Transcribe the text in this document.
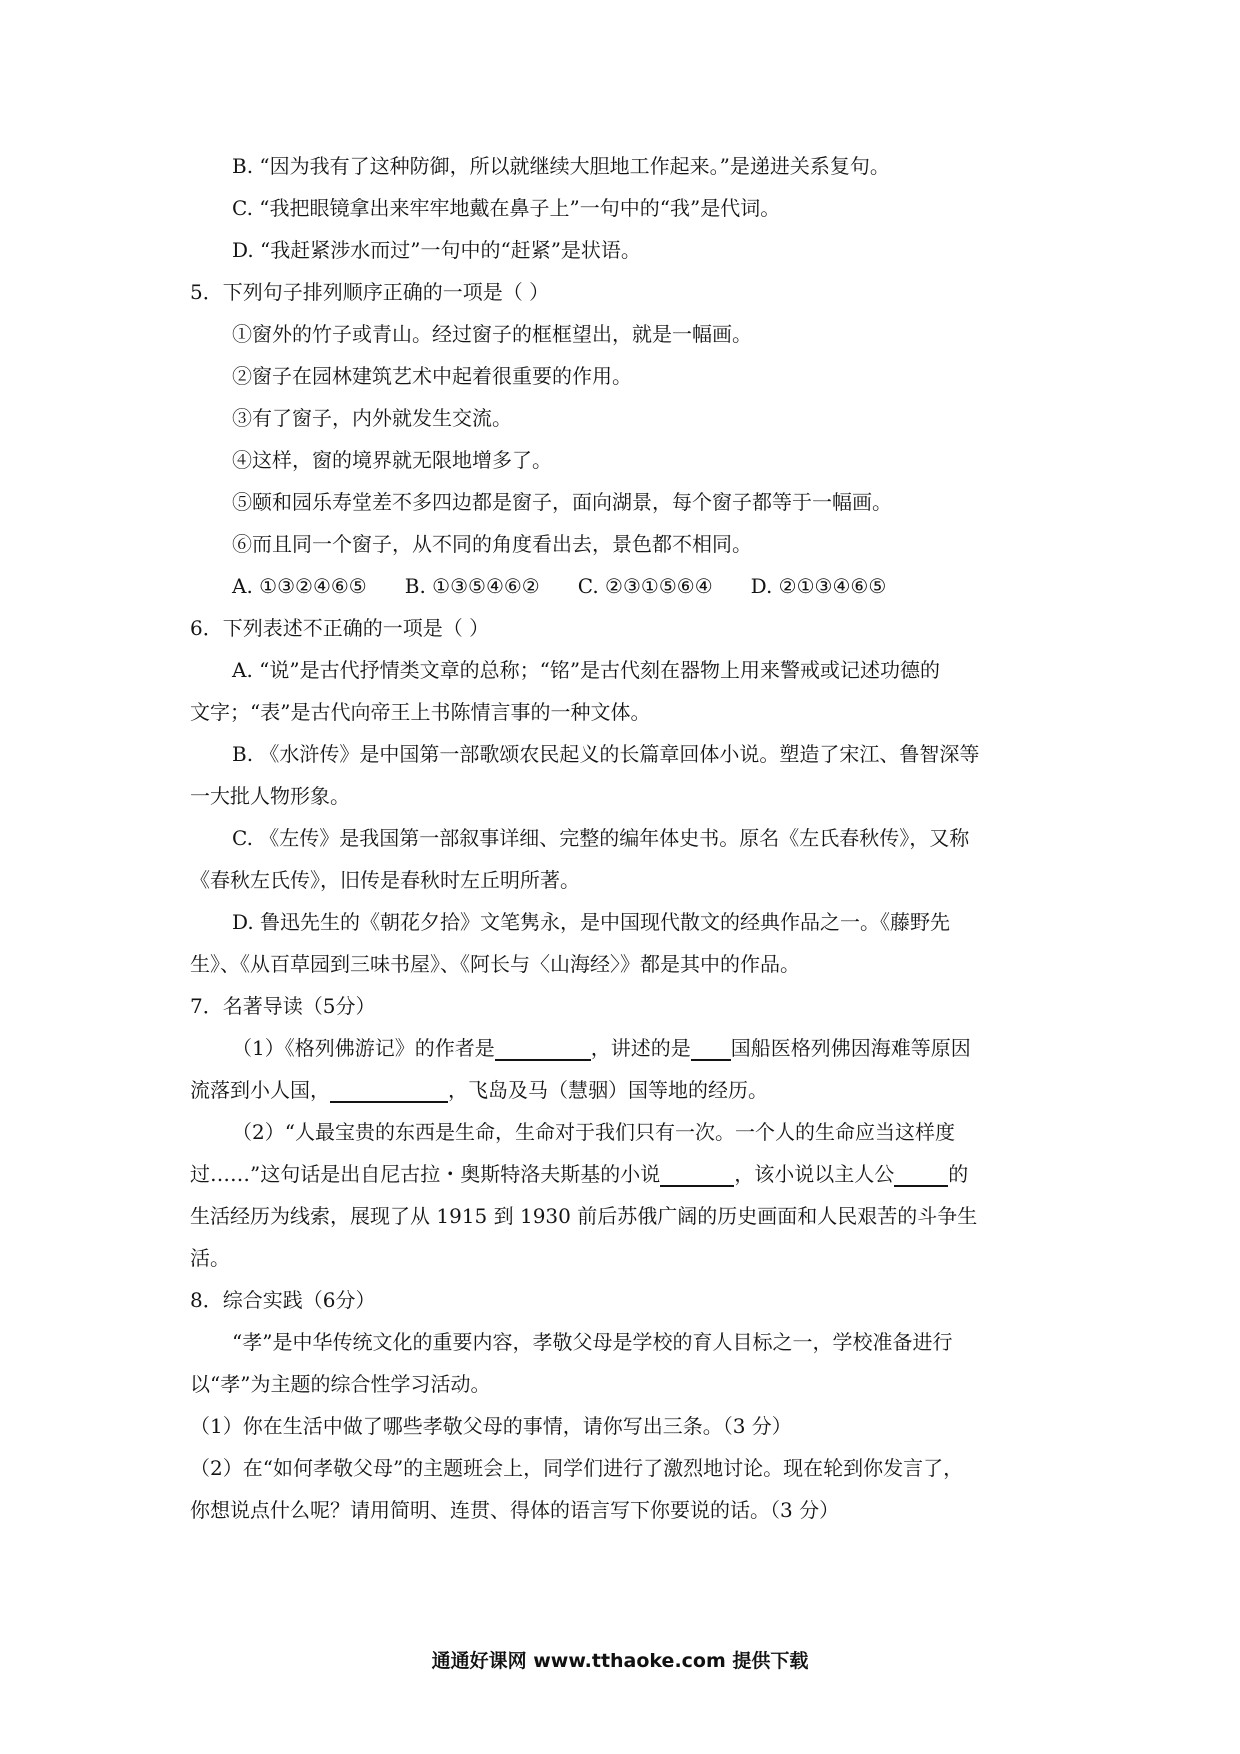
B. “因为我有了这种防御，所以就继续大胆地工作起来。”是递进关系复句。
C. “我把眼镜拿出来牢牢地戴在鼻子上”一句中的“我”是代词。
D. “我赶紧涉水而过”一句中的“赶紧”是状语。
5．下列句子排列顺序正确的一项是（ ）
①窗外的竹子或青山。经过窗子的框框望出，就是一幅画。
②窗子在园林建筑艺术中起着很重要的作用。
③有了窗子，内外就发生交流。
④这样，窗的境界就无限地增多了。
⑤颐和园乐寿堂差不多四边都是窗子，面向湖景，每个窗子都等于一幅画。
⑥而且同一个窗子，从不同的角度看出去，景色都不相同。
A. ①③②④⑥⑤ B. ①③⑤④⑥② C. ②③①⑤⑥④ D. ②①③④⑥⑤
6．下列表述不正确的一项是（ ）
A. “说”是古代抒情类文章的总称；“铭”是古代刻在器物上用来警戒或记述功德的
文字；“表”是古代向帝王上书陈情言事的一种文体。
B. 《水浒传》是中国第一部歌颂农民起义的长篇章回体小说。塑造了宋江、鲁智深等
一大批人物形象。
C. 《左传》是我国第一部叙事详细、完整的编年体史书。原名《左氏春秋传》，又称
《春秋左氏传》，旧传是春秋时左丘明所著。
D. 鲁迅先生的《朝花夕拾》文笔隽永，是中国现代散文的经典作品之一。《藤野先
生》、《从百草园到三味书屋》、《阿长与〈山海经〉》都是其中的作品。
7．名著导读（5分）
（1）《格列佛游记》的作者是	，讲述的是 国船医格列佛因海难等原因
流落到小人国，	，飞岛及马（慧骃）国等地的经历。
（2）“人最宝贵的东西是生命，生命对于我们只有一次。一个人的生命应当这样度
过……”这句话是出自尼古拉・奥斯特洛夫斯基的小说	，该小说以主人公	的
生活经历为线索，展现了从 1915 到 1930 前后苏俄广阔的历史画面和人民艰苦的斗争生
活。
8．综合实践（6分）
“孝”是中华传统文化的重要内容，孝敬父母是学校的育人目标之一，学校准备进行
以“孝”为主题的综合性学习活动。
（1）你在生活中做了哪些孝敬父母的事情，请你写出三条。（3 分）
（2）在“如何孝敬父母”的主题班会上，同学们进行了激烈地讨论。现在轮到你发言了，
你想说点什么呢？请用简明、连贯、得体的语言写下你要说的话。（3 分）
通通好课网 www.tthaoke.com 提供下载
